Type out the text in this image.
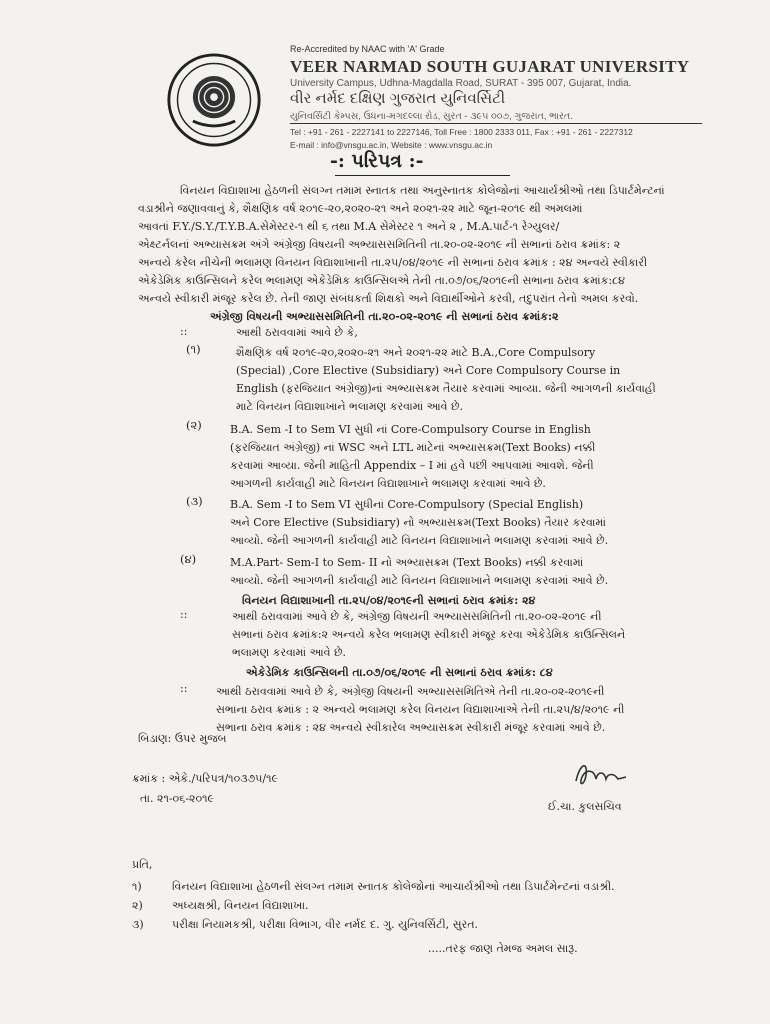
Re-Accredited by NAAC with 'A' Grade
VEER NARMAD SOUTH GUJARAT UNIVERSITY
University Campus, Udhna-Magdalla Road, SURAT - 395 007, Gujarat, India.
વીર નર્મદ દક્ષિણ ગુજરાત યુનિવર્સિટી
યુનિવર્સિટી કેમ્પસ, ઉધના-મગદલ્લા રોડ, સુરત - ૩૯૫ ૦૦૭, ગુજરાત, ભારત.
Tel : +91 - 261 - 2227141 to 2227146, Toll Free : 1800 2333 011, Fax : +91 - 261 - 2227312
E-mail : info@vnsgu.ac.in, Website : www.vnsgu.ac.in
-: પરિપત્ર :-
વિનયન વિદ્યાશાખા હેઠળની સંલગ્ન તમામ સ્નાતક તથા અનુસ્નાતક કોલેજોનાં આચાર્યશ્રીઓ તથા ડિપાર્ટમેન્ટનાં
વડાશ્રીને જણાવવાનું કે, શૈક્ષણિક વર્ષ ૨૦૧૯-૨૦,૨૦૨૦-૨૧ અને ૨૦૨૧-૨૨ માટે જૂન-૨૦૧૯ થી અમલમાં
આવતાં F.Y./S.Y./T.Y.B.A.સેમેસ્ટર-૧ થી ૬ તથા M.A સેમેસ્ટર ૧ અને ૨ , M.A.પાર્ટ-૧ રેગ્યુલર/
એક્ષ્ટર્નલનાં અભ્યાસક્રમ અંગે અંગ્રેજી વિષયની અભ્યાસસમિતિની તા.૨૦-૦૨-૨૦૧૯ ની સભાનાં ઠરાવ ક્રમાંક: ૨
અન્વયે કરેલ નીચેની ભલામણ વિનયન વિદ્યાશાખાની તા.૨૫/૦૪/૨૦૧૯ ની સભાનાં ઠરાવ ક્રમાંક : ૨૪ અન્વયે સ્વીકારી
એકેડેમિક કાઉન્સિલને કરેલ ભલામણ એકેડેમિક કાઉન્સિલએ તેની તા.૦૭/૦૬/૨૦૧૯ની સભાના ઠરાવ ક્રમાંક:૮૪
અન્વયે સ્વીકારી મંજૂર કરેલ છે. તેની જાણ સંબંધકર્તા શિક્ષકો અને વિદ્યાર્થીઓને કરવી, તદુપરાંત તેનો અમલ કરવો.
અંગ્રેજી વિષયની અભ્યાસસમિતિની તા.૨૦-૦૨-૨૦૧૯ ની સભાનાં ઠરાવ ક્રમાંક:૨
::	આથી ઠરાવવામાં આવે છે કે,
(૧)	શૈક્ષણિક વર્ષ ૨૦૧૯-૨૦,૨૦૨૦-૨૧ અને ૨૦૨૧-૨૨ માટે B.A.,Core Compulsory
(Special) ,Core Elective (Subsidiary) અને Core Compulsory Course in
English (ફરજિયાત અંગ્રેજી)નાં અભ્યાસક્રમ તૈયાર કરવામાં આવ્યા. જેની આગળની કાર્યવાહી
માટે વિનયન વિદ્યાશાખાને ભલામણ કરવામાં આવે છે.
(૨)	B.A. Sem -I to Sem VI સુધી નાં Core-Compulsory Course in English
(ફરજિયાત અંગ્રેજી) નાં WSC અને LTL માટેનાં અભ્યાસક્રમ(Text Books) નક્કી
કરવામાં આવ્યા. જેની માહિતી Appendix – I માં હવે પછી આપવામાં આવશે. જેની
આગળની કાર્યવાહી માટે વિનયન વિદ્યાશાખાને ભલામણ કરવામાં આવે છે.
(૩) B.A. Sem -I to Sem VI સુધીનાં Core-Compulsory (Special English)
અને Core Elective (Subsidiary) નો અભ્યાસક્રમ(Text Books) તૈયાર કરવામાં
આવ્યો. જેની આગળની કાર્યવાહી માટે વિનયન વિદ્યાશાખાને ભલામણ કરવામાં આવે છે.
(૪)	M.A.Part- Sem-I to Sem- II નો અભ્યાસક્રમ (Text Books) નક્કી કરવામાં
આવ્યો. જેની આગળની કાર્યવાહી માટે વિનયન વિદ્યાશાખાને ભલામણ કરવામાં આવે છે.
વિનયન વિદ્યાશાખાની તા.૨૫/૦૪/૨૦૧૯ની સભાનાં ઠરાવ ક્રમાંક: ૨૪
::	આથી ઠરાવવામાં આવે છે કે, અંગ્રેજી વિષયની અભ્યાસસમિતિની તા.૨૦-૦૨-૨૦૧૯ ની
સભાનાં ઠરાવ ક્રમાંક:૨ અન્વયે કરેલ ભલામણ સ્વીકારી મંજૂર કરવા એકેડેમિક કાઉન્સિલને
ભલામણ કરવામાં આવે છે.
એકેડેમિક કાઉન્સિલની તા.૦૭/૦૬/૨૦૧૯ ની સભાનાં ઠરાવ ક્રમાંક: ૮૪
::	આથી ઠરાવવામાં આવે છે કે, અંગ્રેજી વિષયની અભ્યાસસમિતિએ તેની તા.૨૦-૦૨-૨૦૧૯ની
સભાના ઠરાવ ક્રમાંક : ૨ અન્વયે ભલામણ કરેલ વિનયન વિદ્યાશાખાએ તેની તા.૨૫/૪/૨૦૧૯ ની
સભાના ઠરાવ ક્રમાંક : ૨૪ અન્વયે સ્વીકારેલ અભ્યાસક્રમ સ્વીકારી મંજૂર કરવામાં આવે છે.
બિડાણ: ઉપર મુજબ
ક્રમાંક : એકે./પરિપત્ર/૧૦૩૭૫/૧૯
તા. ૨૧-૦૬-૨૦૧૯
ઈ.ચા. કુલસચિવ
પ્રતિ,
૧)	વિનયન વિદ્યાશાખા હેઠળની સંલગ્ન તમામ સ્નાતક કોલેજોનાં આચાર્યશ્રીઓ તથા ડિપાર્ટમેન્ટનાં વડાશ્રી.
૨)	અધ્યક્ષશ્રી, વિનયન વિદ્યાશાખા.
૩)	પરીક્ષા નિયામકશ્રી, પરીક્ષા વિભાગ, વીર નર્મદ દ. ગુ. યુનિવર્સિટી, સુરત.
.....તરફ જાણ તેમજ અમલ સારૂ.
